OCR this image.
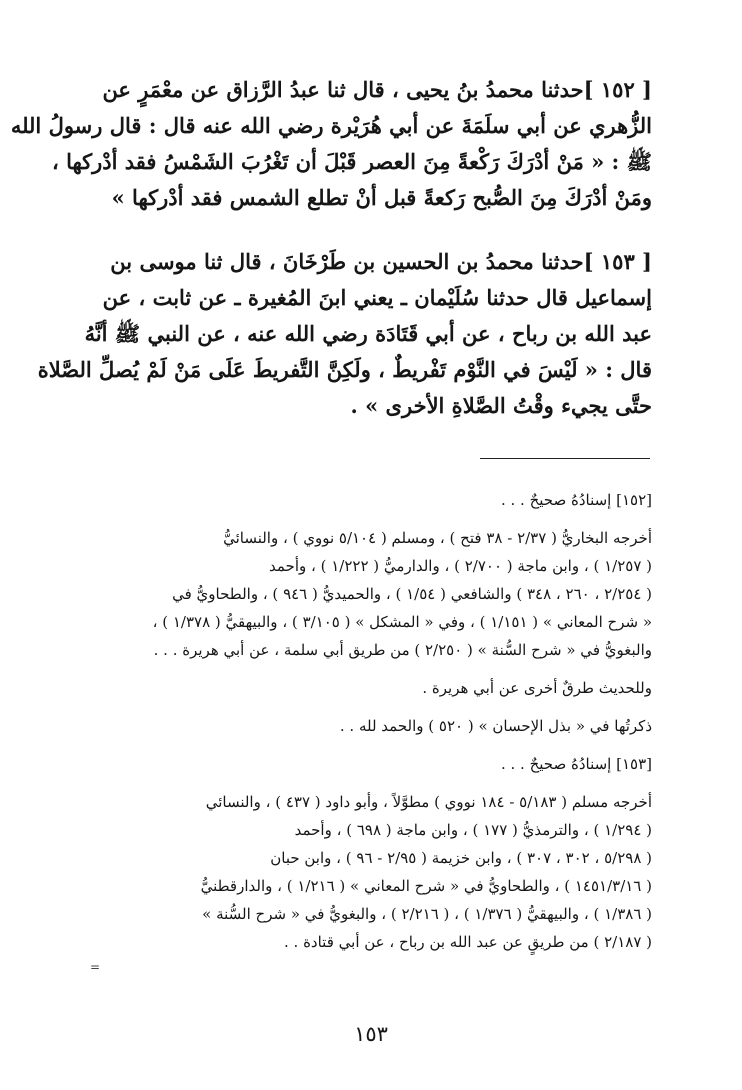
[ ١٥٢ ]حدثنا محمدُ بنُ يحيى ، قال ثنا عبدُ الرَّزاق عن معْمَرٍ عن
الزُّهري عن أبي سلَمَةَ عن أبي هُرَيْرة رضي الله عنه قال : قال رسولُ الله
ﷺ : « مَنْ أدْرَكَ رَكْعةً مِنَ العصر قَبْلَ أن تَغْرُبَ الشَمْسُ فقد أدْركها ،
ومَنْ أدْرَكَ مِنَ الصُّبح رَكعةً قبل أنْ تطلع الشمس فقد أدْركها »
[ ١٥٣ ]حدثنا محمدُ بن الحسين بن طَرْخَانَ ، قال ثنا موسى بن
إسماعيل قال حدثنا سُلَيْمان ـ يعني ابنَ المُغيرة ـ عن ثابت ، عن
عبد الله بن رباح ، عن أبي قَتَادَة رضي الله عنه ، عن النبي ﷺ أنَّهُ
قال : « لَيْسَ في النَّوْم تَفْريطٌ ، ولَكِنَّ التَّفريطَ عَلَى مَنْ لَمْ يُصلِّ الصَّلاة
حتَّى يجيء وقْتُ الصَّلاةِ الأخرى » .
[١٥٢] إسنادُهُ صحيحٌ . . .
أخرجه البخاريُّ ( ٢/٣٧ - ٣٨ فتح ) ، ومسلم ( ٥/١٠٤ نووي ) ، والنسائيُّ
( ١/٢٥٧ ) ، وابن ماجة ( ٢/٧٠٠ ) ، والدارميُّ ( ١/٢٢٢ ) ، وأحمد
( ٢/٢٥٤ ، ٢٦٠ ، ٣٤٨ ) والشافعي ( ١/٥٤ ) ، والحميديُّ ( ٩٤٦ ) ، والطحاويُّ في
« شرح المعاني » ( ١/١٥١ ) ، وفي « المشكل » ( ٣/١٠٥ ) ، والبيهقيُّ ( ١/٣٧٨ ) ،
والبغويُّ في « شرح السُّنة » ( ٢/٢٥٠ ) من طريق أبي سلمة ، عن أبي هريرة . . .
وللحديث طرقٌ أخرى عن أبي هريرة .
ذكرتُها في « بذل الإحسان » ( ٥٢٠ ) والحمد لله . .
[١٥٣] إسنادُهُ صحيحٌ . . .
أخرجه مسلم ( ٥/١٨٣ - ١٨٤ نووي ) مطوَّلاً ، وأبو داود ( ٤٣٧ ) ، والنسائي
( ١/٢٩٤ ) ، والترمذيُّ ( ١٧٧ ) ، وابن ماجة ( ٦٩٨ ) ، وأحمد
( ٥/٢٩٨ ، ٣٠٢ ، ٣٠٧ ) ، وابن خزيمة ( ٢/٩٥ - ٩٦ ) ، وابن حبان
( ١٤٥١/٣/١٦ ) ، والطحاويُّ في « شرح المعاني » ( ١/٢١٦ ) ، والدارقطنيُّ
( ١/٣٨٦ ) ، والبيهقيُّ ( ١/٣٧٦ ) ، ( ٢/٢١٦ ) ، والبغويُّ في « شرح السُّنة »
( ٢/١٨٧ ) من طريقٍ عن عبد الله بن رباح ، عن أبي قتادة . .
=
١٥٣
